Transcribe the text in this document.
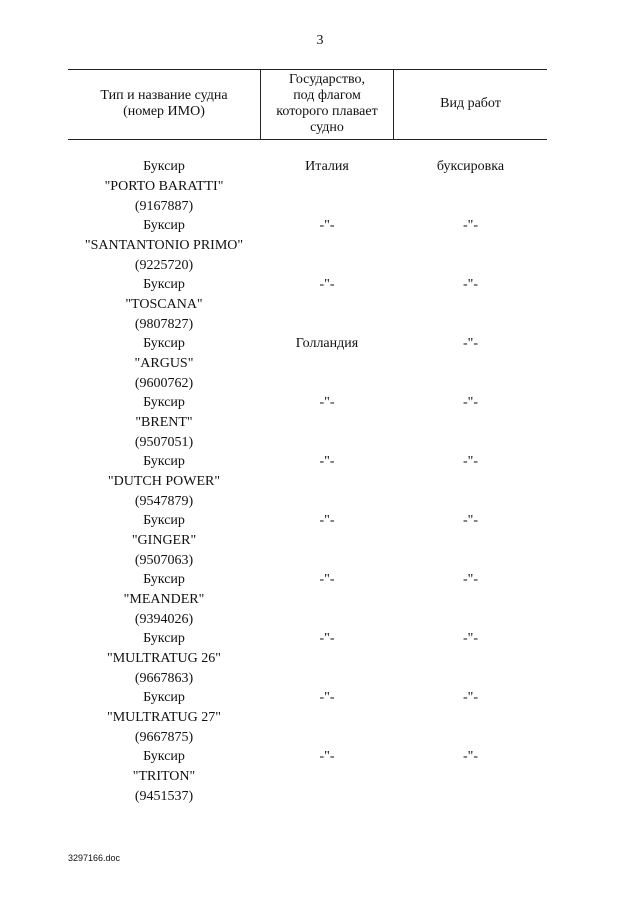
3
Тип и название судна
(номер ИМО)
Государство,
под флагом
которого плавает
судно
Вид работ
Буксир
"PORTO BARATTI"
(9167887)
Италия	буксировка
Буксир
"SANTANTONIO PRIMO"
(9225720)
-"-	-"-
Буксир
"TOSCANA"
(9807827)
-"-	-"-
Буксир
"ARGUS"
(9600762)
Голландия	-"-
Буксир
"BRENT"
(9507051)
-"-	-"-
Буксир
"DUTCH POWER"
(9547879)
-"-	-"-
Буксир
"GINGER"
(9507063)
-"-	-"-
Буксир
"MEANDER"
(9394026)
-"-	-"-
Буксир
"MULTRATUG 26"
(9667863)
-"-	-"-
Буксир
"MULTRATUG 27"
(9667875)
-"-	-"-
Буксир
"TRITON"
(9451537)
-"-	-"-
3297166.doc
